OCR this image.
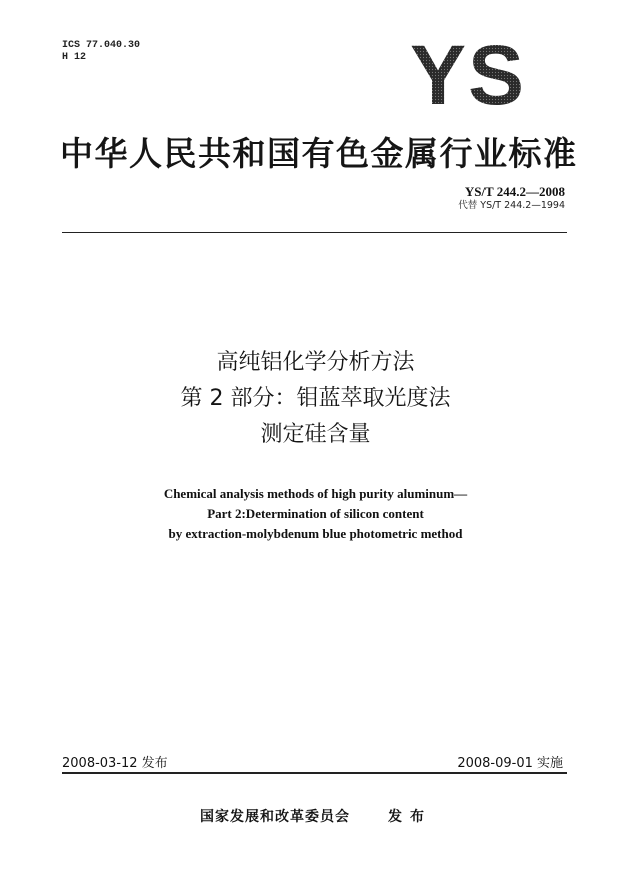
ICS 77.040.30
H 12	YS
中华人民共和国有色金属行业标准
YS/T 244.2—2008
代替 YS/T 244.2—1994
高纯铝化学分析方法
第 2 部分：钼蓝萃取光度法
测定硅含量
Chemical analysis methods of high purity aluminum—
Part 2:Determination of silicon content
by extraction-molybdenum blue photometric method
2008-03-12 发布	2008-09-01 实施
国家发展和改革委员会	发布
